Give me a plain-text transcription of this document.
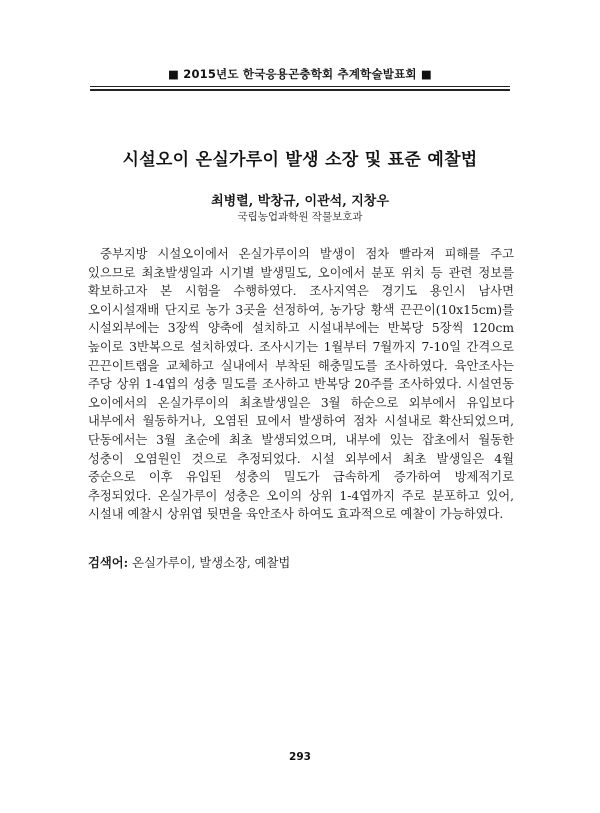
■ 2015년도 한국응용곤충학회 추계학술발표회 ■
시설오이 온실가루이 발생 소장 및 표준 예찰법
최병렬, 박창규, 이관석, 지창우
국립농업과학원 작물보호과

중부지방 시설오이에서 온실가루이의 발생이 점차 빨라져 피해를 주고 있으므로 최초발생일과 시기별 발생밀도, 오이에서 분포 위치 등 관련 정보를 확보하고자 본 시험을 수행하였다. 조사지역은 경기도 용인시 남사면 오이시설재배 단지로 농가 3곳을 선정하여, 농가당 황색 끈끈이(10x15cm)를 시설외부에는 3장씩 양축에 설치하고 시설내부에는 반복당 5장씩 120cm 높이로 3반복으로 설치하였다. 조사시기는 1월부터 7월까지 7-10일 간격으로 끈끈이트랩을 교체하고 실내에서 부착된 해충밀도를 조사하였다. 육안조사는 주당 상위 1-4엽의 성충 밀도를 조사하고 반복당 20주를 조사하였다. 시설연동 오이에서의 온실가루이의 최초발생일은 3월 하순으로 외부에서 유입보다 내부에서 월동하거나, 오염된 묘에서 발생하여 점차 시설내로 확산되었으며, 단동에서는 3월 초순에 최초 발생되었으며, 내부에 있는 잡초에서 월동한 성충이 오염원인 것으로 추정되었다. 시설 외부에서 최초 발생일은 4월 중순으로 이후 유입된 성충의 밀도가 급속하게 증가하여 방제적기로 추정되었다. 온실가루이 성충은 오이의 상위 1-4엽까지 주로 분포하고 있어, 시설내 예찰시 상위엽 뒷면을 육안조사 하여도 효과적으로 예찰이 가능하였다.

검색어: 온실가루이, 발생소장, 예찰법
293
